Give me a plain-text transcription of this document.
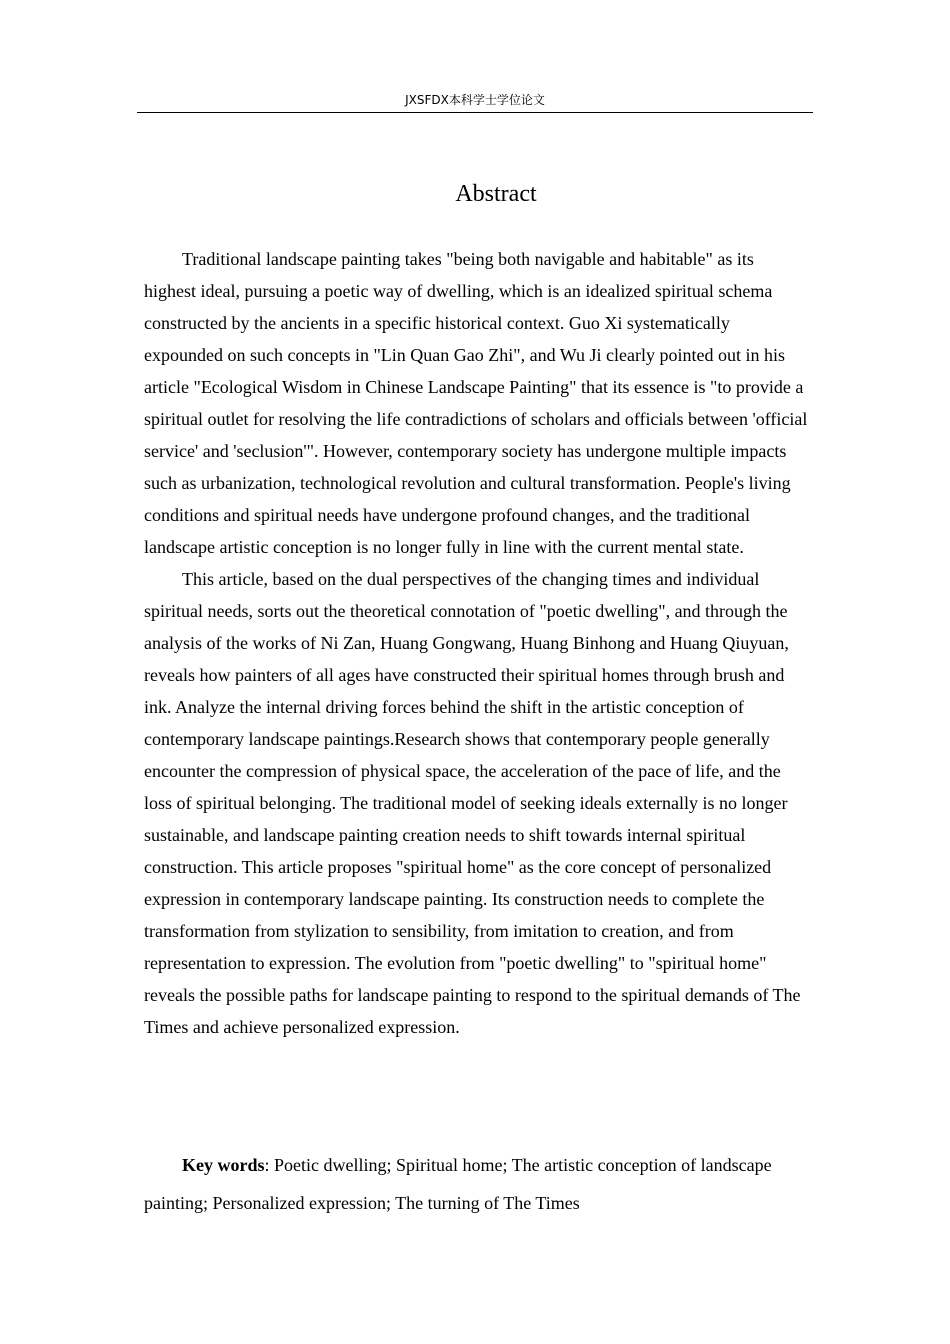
JXSFDX本科学士学位论文
Abstract

Traditional landscape painting takes "being both navigable and habitable" as its highest ideal, pursuing a poetic way of dwelling, which is an idealized spiritual schema constructed by the ancients in a specific historical context. Guo Xi systematically expounded on such concepts in "Lin Quan Gao Zhi", and Wu Ji clearly pointed out in his article "Ecological Wisdom in Chinese Landscape Painting" that its essence is "to provide a spiritual outlet for resolving the life contradictions of scholars and officials between 'official service' and 'seclusion'". However, contemporary society has undergone multiple impacts such as urbanization, technological revolution and cultural transformation. People's living conditions and spiritual needs have undergone profound changes, and the traditional landscape artistic conception is no longer fully in line with the current mental state.

This article, based on the dual perspectives of the changing times and individual spiritual needs, sorts out the theoretical connotation of "poetic dwelling", and through the analysis of the works of Ni Zan, Huang Gongwang, Huang Binhong and Huang Qiuyuan, reveals how painters of all ages have constructed their spiritual homes through brush and ink. Analyze the internal driving forces behind the shift in the artistic conception of contemporary landscape paintings.Research shows that contemporary people generally encounter the compression of physical space, the acceleration of the pace of life, and the loss of spiritual belonging. The traditional model of seeking ideals externally is no longer sustainable, and landscape painting creation needs to shift towards internal spiritual construction. This article proposes "spiritual home" as the core concept of personalized expression in contemporary landscape painting. Its construction needs to complete the transformation from stylization to sensibility, from imitation to creation, and from representation to expression. The evolution from "poetic dwelling" to "spiritual home" reveals the possible paths for landscape painting to respond to the spiritual demands of The Times and achieve personalized expression.

Key words: Poetic dwelling; Spiritual home; The artistic conception of landscape painting; Personalized expression; The turning of The Times
